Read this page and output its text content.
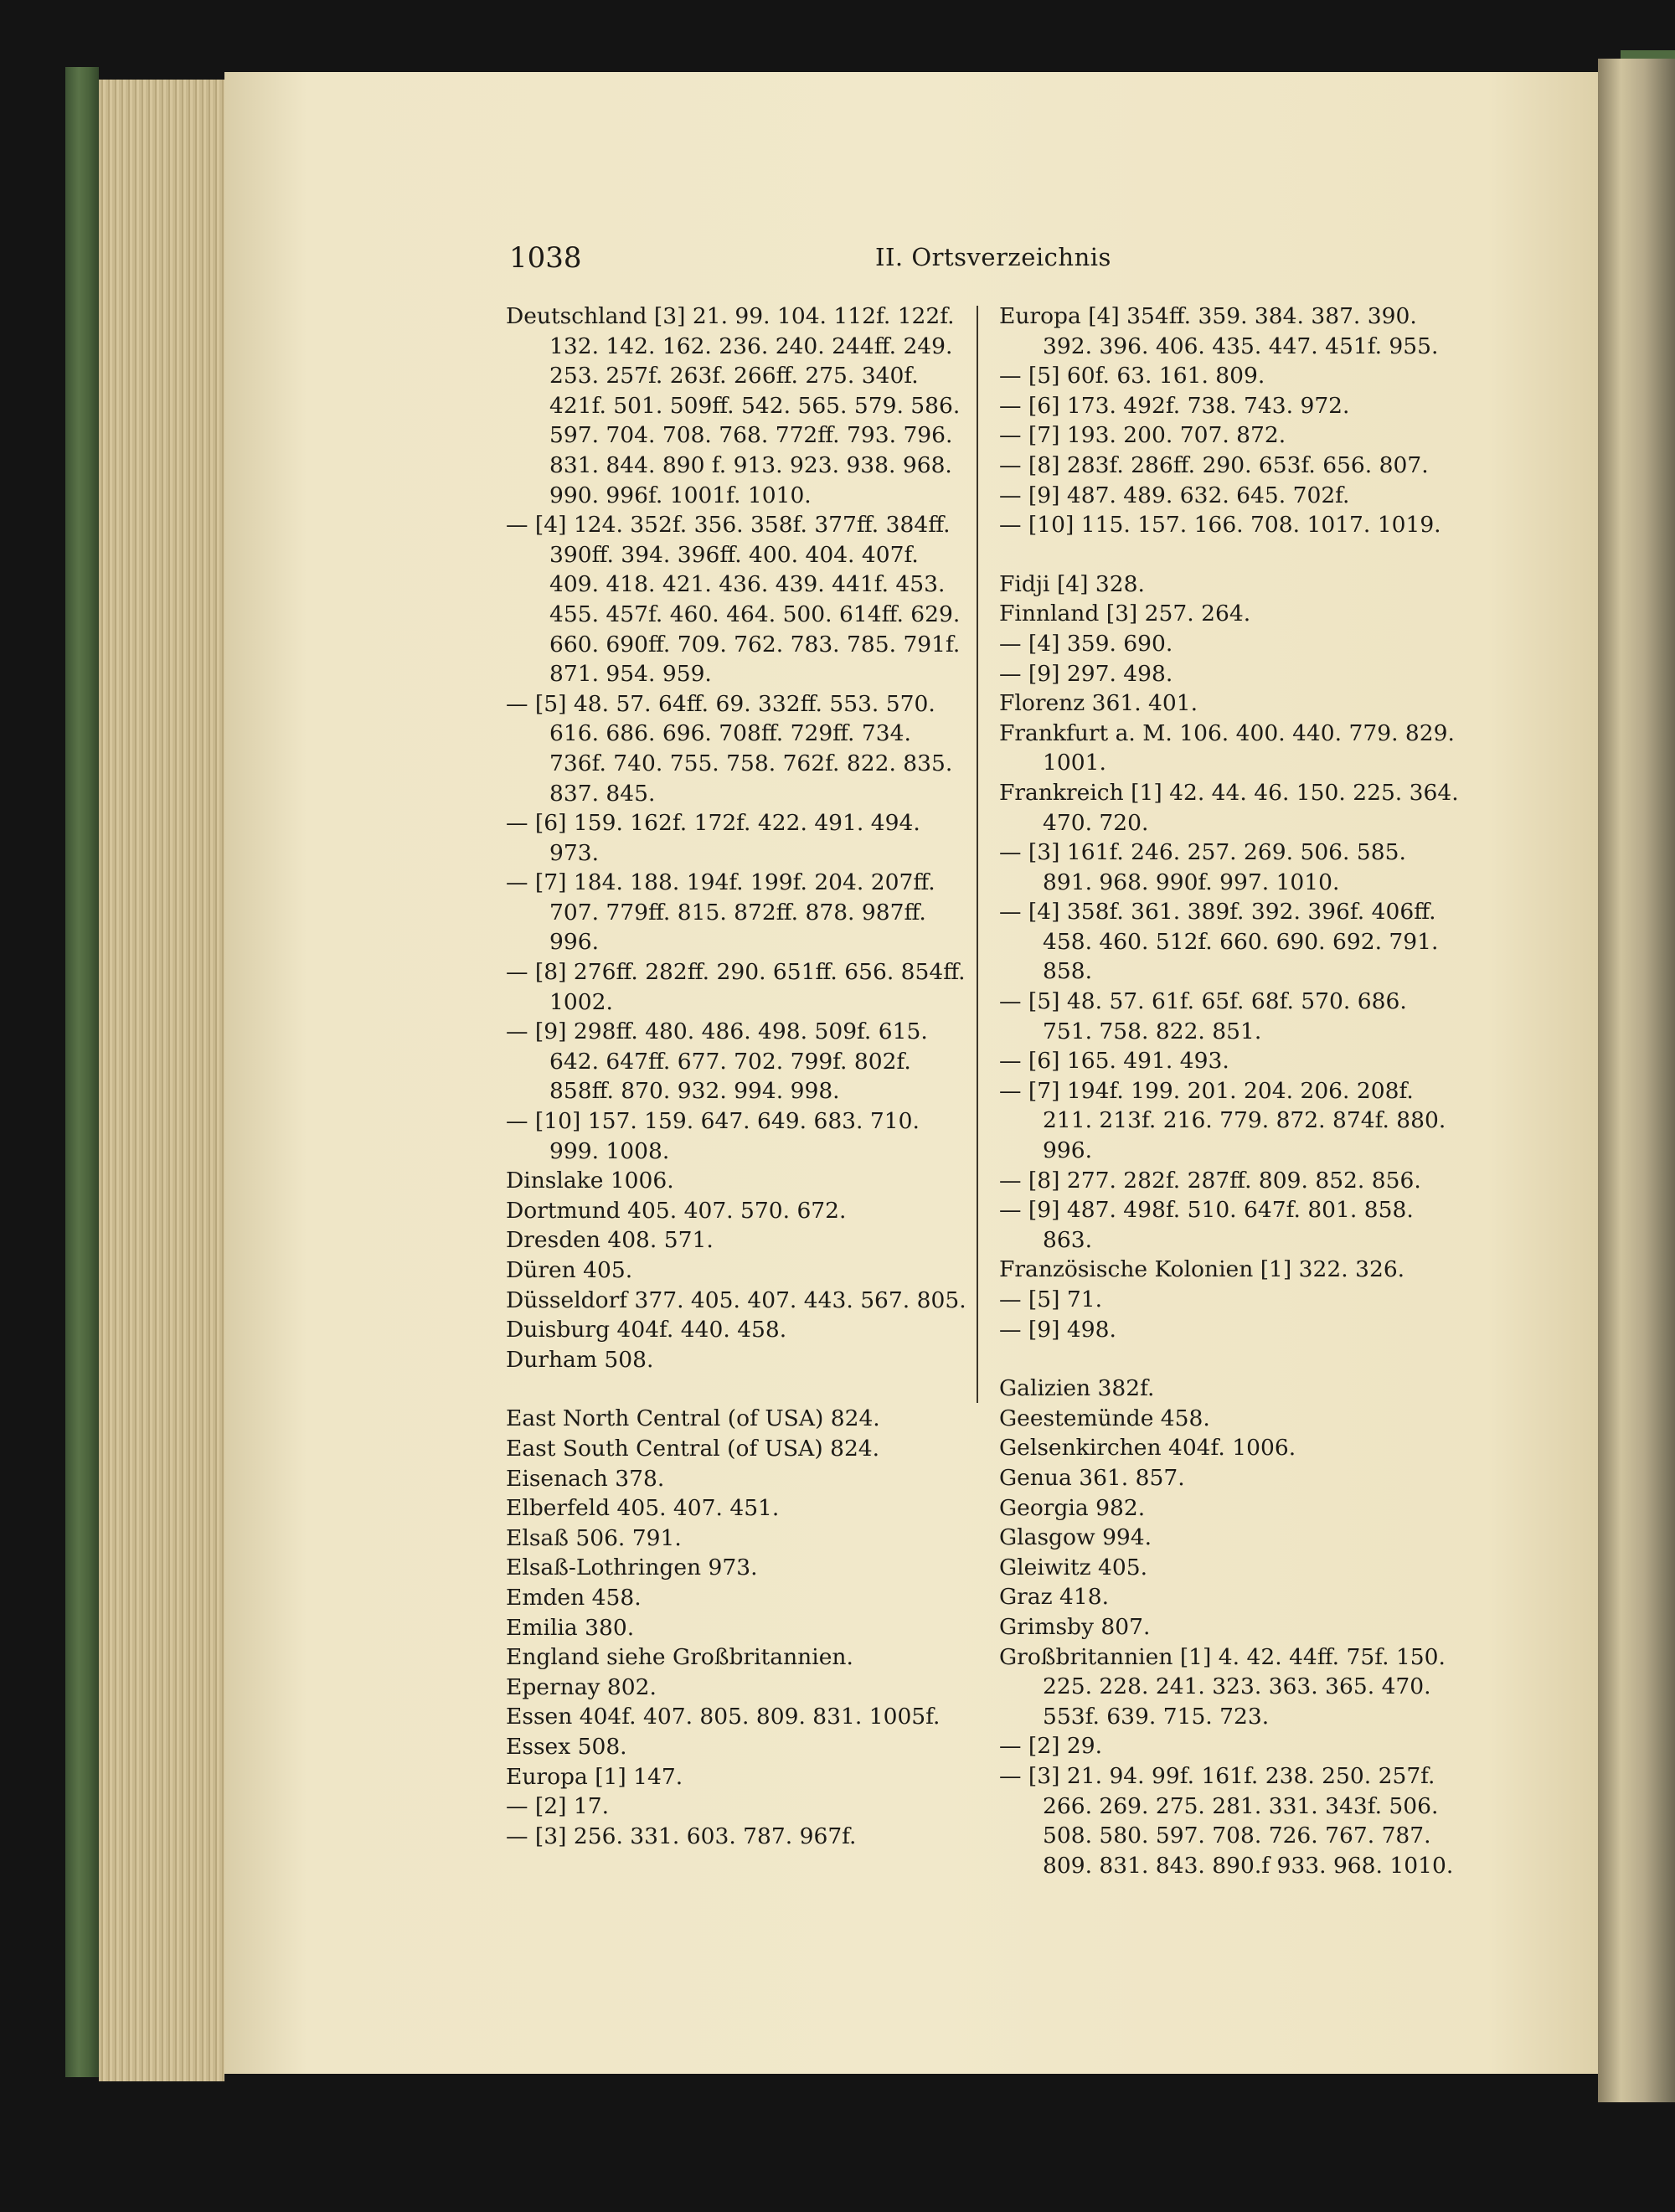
1038	II. Ortsverzeichnis
Deutschland [3] 21. 99. 104. 112f. 122f. 132. 142. 162. 236. 240. 244ff. 249. 253. 257f. 263f. 266ff. 275. 340f. 421f. 501. 509ff. 542. 565. 579. 586. 597. 704. 708. 768. 772ff. 793. 796. 831. 844. 890 f. 913. 923. 938. 968. 990. 996f. 1001f. 1010.
— [4] 124. 352f. 356. 358f. 377ff. 384ff. 390ff. 394. 396ff. 400. 404. 407f. 409. 418. 421. 436. 439. 441f. 453. 455. 457f. 460. 464. 500. 614ff. 629. 660. 690ff. 709. 762. 783. 785. 791f. 871. 954. 959.
— [5] 48. 57. 64ff. 69. 332ff. 553. 570. 616. 686. 696. 708ff. 729ff. 734. 736f. 740. 755. 758. 762f. 822. 835. 837. 845.
— [6] 159. 162f. 172f. 422. 491. 494. 973.
— [7] 184. 188. 194f. 199f. 204. 207ff. 707. 779ff. 815. 872ff. 878. 987ff. 996.
— [8] 276ff. 282ff. 290. 651ff. 656. 854ff. 1002.
— [9] 298ff. 480. 486. 498. 509f. 615. 642. 647ff. 677. 702. 799f. 802f. 858ff. 870. 932. 994. 998.
— [10] 157. 159. 647. 649. 683. 710. 999. 1008.
Dinslake 1006.
Dortmund 405. 407. 570. 672.
Dresden 408. 571.
Düren 405.
Düsseldorf 377. 405. 407. 443. 567. 805.
Duisburg 404f. 440. 458.
Durham 508.
East North Central (of USA) 824.
East South Central (of USA) 824.
Eisenach 378.
Elberfeld 405. 407. 451.
Elsaß 506. 791.
Elsaß-Lothringen 973.
Emden 458.
Emilia 380.
England siehe Großbritannien.
Epernay 802.
Essen 404f. 407. 805. 809. 831. 1005f.
Essex 508.
Europa [1] 147.
— [2] 17.
— [3] 256. 331. 603. 787. 967f.
Europa [4] 354ff. 359. 384. 387. 390. 392. 396. 406. 435. 447. 451f. 955.
— [5] 60f. 63. 161. 809.
— [6] 173. 492f. 738. 743. 972.
— [7] 193. 200. 707. 872.
— [8] 283f. 286ff. 290. 653f. 656. 807.
— [9] 487. 489. 632. 645. 702f.
— [10] 115. 157. 166. 708. 1017. 1019.
Fidji [4] 328.
Finnland [3] 257. 264.
— [4] 359. 690.
— [9] 297. 498.
Florenz 361. 401.
Frankfurt a. M. 106. 400. 440. 779. 829. 1001.
Frankreich [1] 42. 44. 46. 150. 225. 364. 470. 720.
— [3] 161f. 246. 257. 269. 506. 585. 891. 968. 990f. 997. 1010.
— [4] 358f. 361. 389f. 392. 396f. 406ff. 458. 460. 512f. 660. 690. 692. 791. 858.
— [5] 48. 57. 61f. 65f. 68f. 570. 686. 751. 758. 822. 851.
— [6] 165. 491. 493.
— [7] 194f. 199. 201. 204. 206. 208f. 211. 213f. 216. 779. 872. 874f. 880. 996.
— [8] 277. 282f. 287ff. 809. 852. 856.
— [9] 487. 498f. 510. 647f. 801. 858. 863.
Französische Kolonien [1] 322. 326.
— [5] 71.
— [9] 498.
Galizien 382f.
Geestemünde 458.
Gelsenkirchen 404f. 1006.
Genua 361. 857.
Georgia 982.
Glasgow 994.
Gleiwitz 405.
Graz 418.
Grimsby 807.
Großbritannien [1] 4. 42. 44ff. 75f. 150. 225. 228. 241. 323. 363. 365. 470. 553f. 639. 715. 723.
— [2] 29.
— [3] 21. 94. 99f. 161f. 238. 250. 257f. 266. 269. 275. 281. 331. 343f. 506. 508. 580. 597. 708. 726. 767. 787. 809. 831. 843. 890.f 933. 968. 1010.
